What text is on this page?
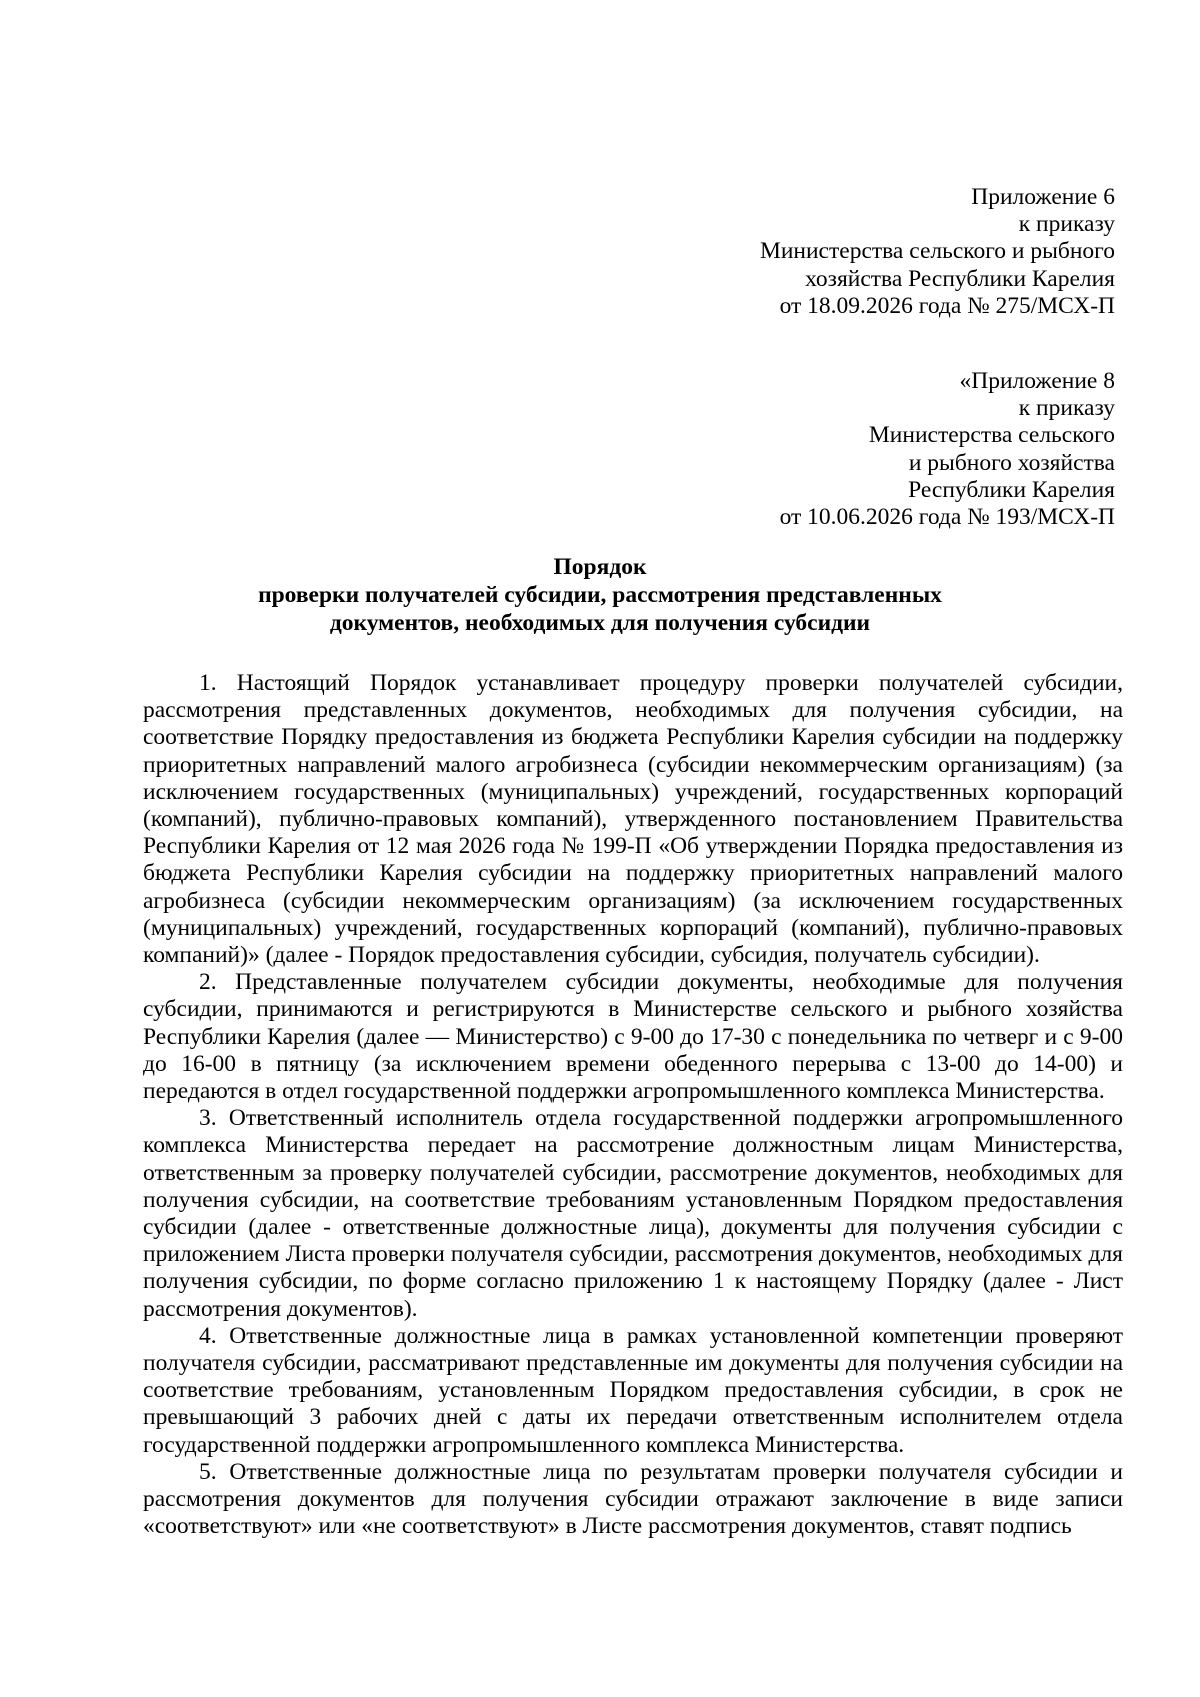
Приложение 6
к приказу
Министерства сельского и рыбного
хозяйства Республики Карелия
от 18.09.2026 года № 275/МСХ-П
«Приложение 8
к приказу
Министерства сельского
и рыбного хозяйства
Республики Карелия
от 10.06.2026 года № 193/МСХ-П
Порядок
проверки получателей субсидии, рассмотрения представленных
документов, необходимых для получения субсидии

1. Настоящий Порядок устанавливает процедуру проверки получателей субсидии, рассмотрения представленных документов, необходимых для получения субсидии, на соответствие Порядку предоставления из бюджета Республики Карелия субсидии на поддержку приоритетных направлений малого агробизнеса (субсидии некоммерческим организациям) (за исключением государственных (муниципальных) учреждений, государственных корпораций (компаний), публично-правовых компаний), утвержденного постановлением Правительства Республики Карелия от 12 мая 2026 года № 199-П «Об утверждении Порядка предоставления из бюджета Республики Карелия субсидии на поддержку приоритетных направлений малого агробизнеса (субсидии некоммерческим организациям) (за исключением государственных (муниципальных) учреждений, государственных корпораций (компаний), публично-правовых компаний)» (далее - Порядок предоставления субсидии, субсидия, получатель субсидии).

2. Представленные получателем субсидии документы, необходимые для получения субсидии, принимаются и регистрируются в Министерстве сельского и рыбного хозяйства Республики Карелия (далее — Министерство) с 9-00 до 17-30 с понедельника по четверг и с 9-00 до 16-00 в пятницу (за исключением времени обеденного перерыва с 13-00 до 14-00) и передаются в отдел государственной поддержки агропромышленного комплекса Министерства.

3. Ответственный исполнитель отдела государственной поддержки агропромышленного комплекса Министерства передает на рассмотрение должностным лицам Министерства, ответственным за проверку получателей субсидии, рассмотрение документов, необходимых для получения субсидии, на соответствие требованиям установленным Порядком предоставления субсидии (далее - ответственные должностные лица), документы для получения субсидии с приложением Листа проверки получателя субсидии, рассмотрения документов, необходимых для получения субсидии, по форме согласно приложению 1 к настоящему Порядку (далее - Лист рассмотрения документов).

4. Ответственные должностные лица в рамках установленной компетенции проверяют получателя субсидии, рассматривают представленные им документы для получения субсидии на соответствие требованиям, установленным Порядком предоставления субсидии, в срок не превышающий 3 рабочих дней с даты их передачи ответственным исполнителем отдела государственной поддержки агропромышленного комплекса Министерства.

5. Ответственные должностные лица по результатам проверки получателя субсидии и рассмотрения документов для получения субсидии отражают заключение в виде записи «соответствуют» или «не соответствуют» в Листе рассмотрения документов, ставят подпись
